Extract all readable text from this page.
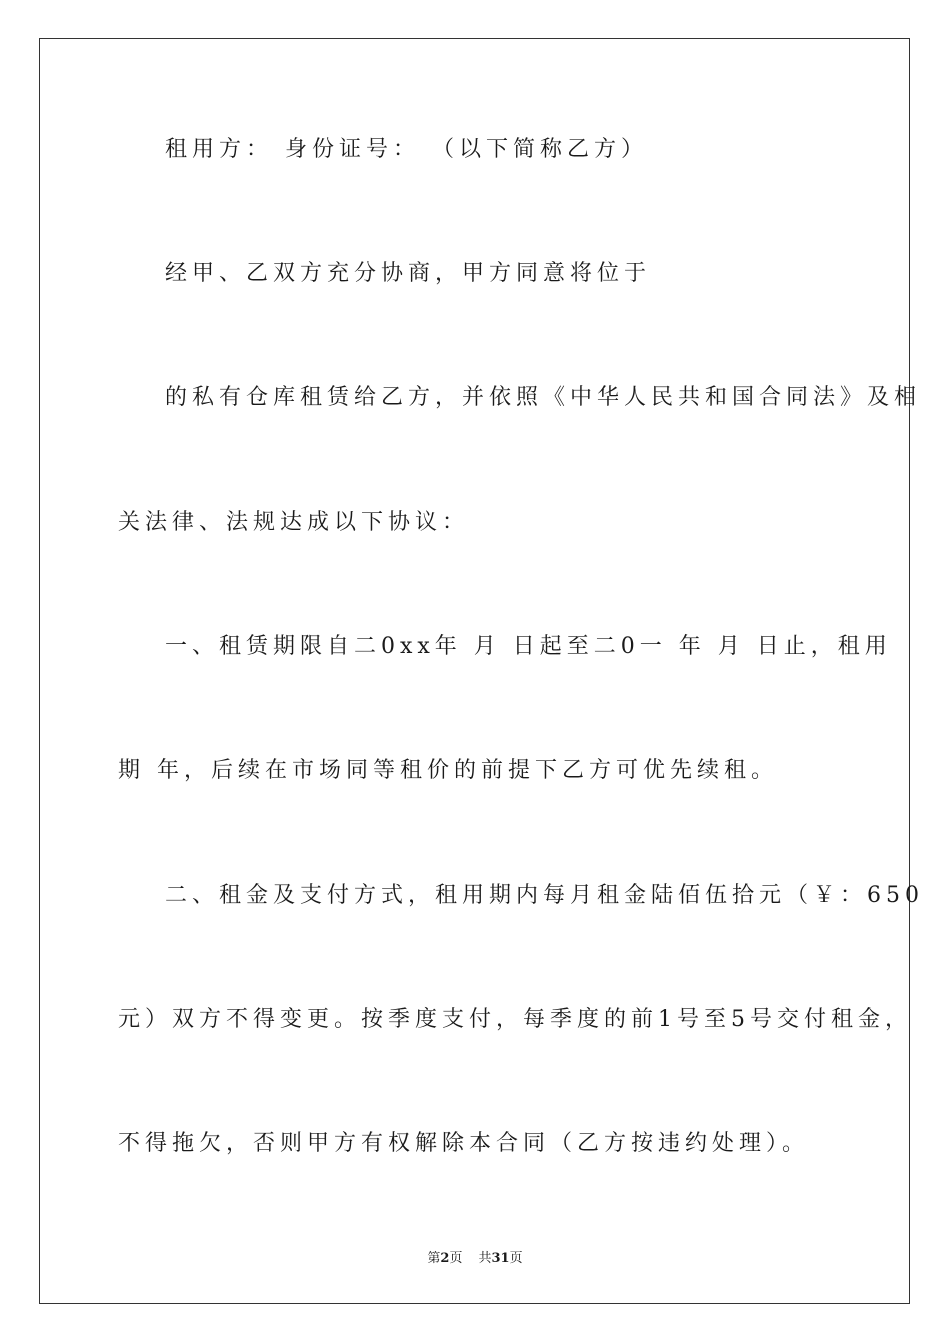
租用方： 身份证号： （以下简称乙方）
经甲、乙双方充分协商，甲方同意将位于
的私有仓库租赁给乙方，并依照《中华人民共和国合同法》及相
关法律、法规达成以下协议：
一、租赁期限自二0xx年 月 日起至二0一 年 月 日止，租用
期 年，后续在市场同等租价的前提下乙方可优先续租。
二、租金及支付方式，租用期内每月租金陆佰伍拾元（￥：650
元）双方不得变更。按季度支付，每季度的前1号至5号交付租金，
不得拖欠，否则甲方有权解除本合同（乙方按违约处理）。
第2页 共31页
